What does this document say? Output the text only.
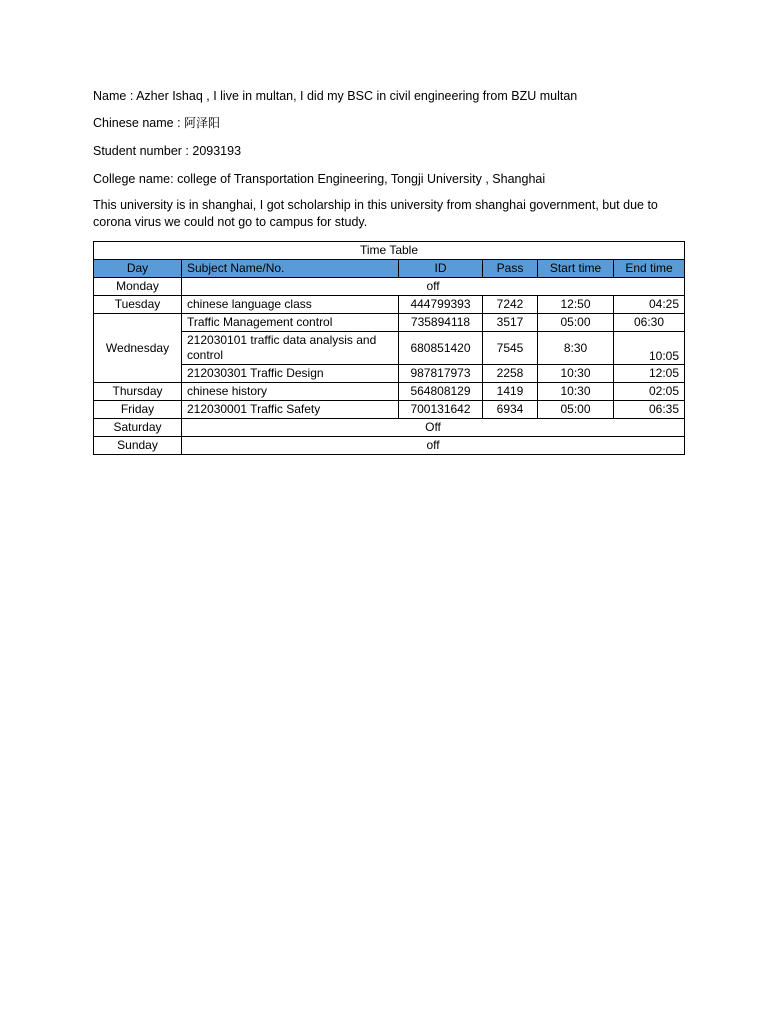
Name : Azher Ishaq , I live in multan, I did my BSC in civil engineering from BZU multan
Chinese name : 阿泽阳
Student number : 2093193
College name: college of Transportation Engineering, Tongji University , Shanghai
This university is in shanghai, I got scholarship in this university from shanghai government, but due to corona virus we could not go to campus for study.
Time Table					
Day	Subject Name/No.	ID	Pass	Start time	End time
Monday	off				
Tuesday	chinese language class	444799393	7242	12:50	04:25
Wednesday	Traffic Management control	735894118	3517	05:00	06:30
	212030101 traffic data analysis and control	680851420	7545	8:30	10:05
	212030301 Traffic Design	987817973	2258	10:30	12:05
Thursday	chinese history	564808129	1419	10:30	02:05
Friday	212030001 Traffic Safety	700131642	6934	05:00	06:35
Saturday	Off				
Sunday	off				
